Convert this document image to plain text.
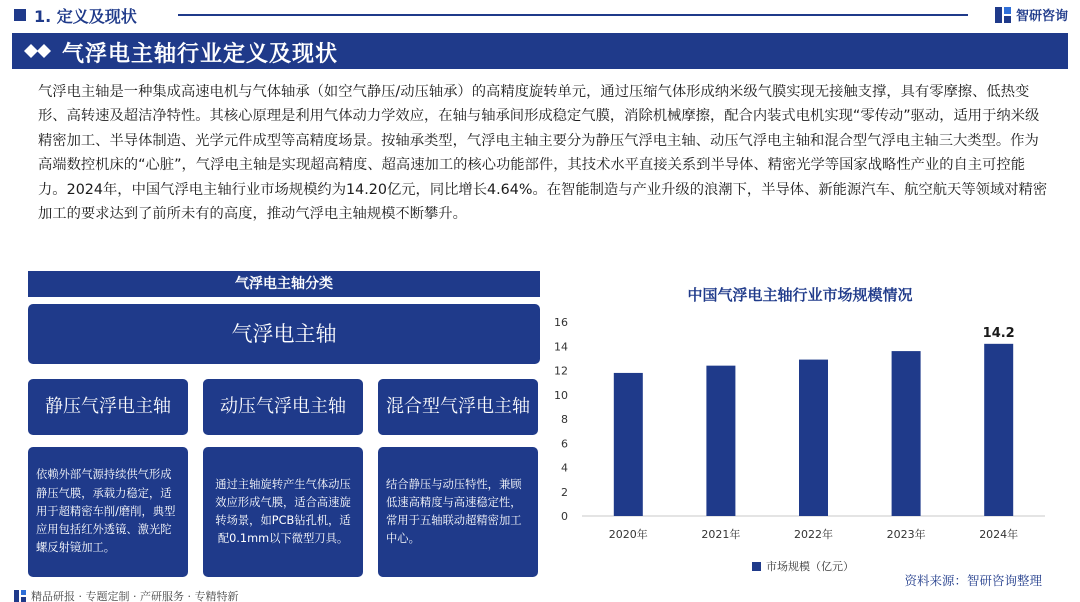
1. 定义及现状	智研咨询
气浮电主轴行业定义及现状
气浮电主轴是一种集成高速电机与气体轴承（如空气静压/动压轴承）的高精度旋转单元，通过压缩气体形成纳米级气膜实现无接触支撑，具有零摩擦、低热变形、高转速及超洁净特性。其核心原理是利用气体动力学效应，在轴与轴承间形成稳定气膜，消除机械摩擦，配合内装式电机实现“零传动”驱动，适用于纳米级精密加工、半导体制造、光学元件成型等高精度场景。按轴承类型，气浮电主轴主要分为静压气浮电主轴、动压气浮电主轴和混合型气浮电主轴三大类型。作为高端数控机床的“心脏”，气浮电主轴是实现超高精度、超高速加工的核心功能部件，其技术水平直接关系到半导体、精密光学等国家战略性产业的自主可控能力。2024年，中国气浮电主轴行业市场规模约为14.20亿元，同比增长4.64%。在智能制造与产业升级的浪潮下，半导体、新能源汽车、航空航天等领域对精密加工的要求达到了前所未有的高度，推动气浮电主轴规模不断攀升。
气浮电主轴分类
气浮电主轴
静压气浮电主轴	动压气浮电主轴	混合型气浮电主轴
依赖外部气源持续供气形成静压气膜，承载力稳定，适用于超精密车削/磨削，典型应用包括红外透镜、激光陀螺反射镜加工。
通过主轴旋转产生气体动压效应形成气膜，适合高速旋转场景，如PCB钻孔机，适配0.1mm以下微型刀具。
结合静压与动压特性，兼顾低速高精度与高速稳定性，常用于五轴联动超精密加工中心。
中国气浮电主轴行业市场规模情况
0
2
4
6
8
10
12
14
16
2020年	2021年	2022年	2023年	2024年
14.2
市场规模（亿元）
资料来源：智研咨询整理
精品研报 · 专题定制 · 产研服务 · 专精特新
